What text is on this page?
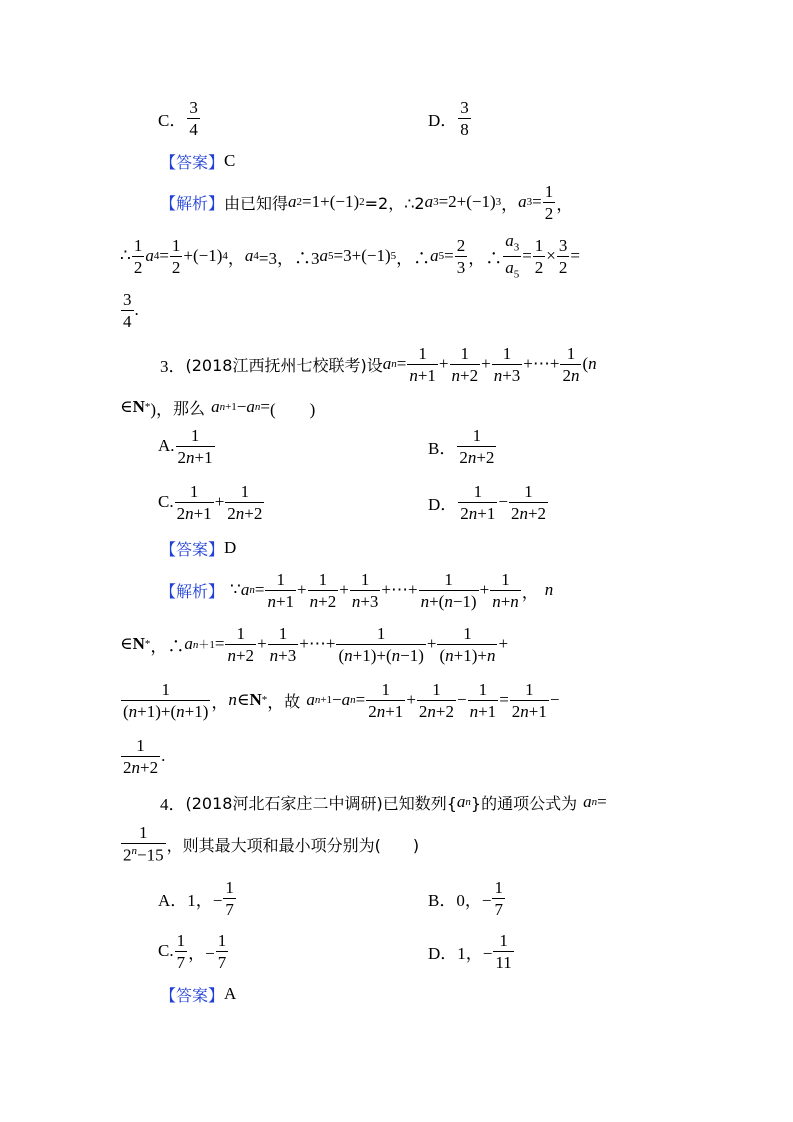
C． $\frac{3}{4}$	D． $\frac{3}{8}$
【答案】 C
【解析】 由已知得 a 2 =1+(−1) 2 =2，∴2 a 3 =2+(−1) 3 ， a $3 = \frac{1}{2}$ ，
∴ $\frac{1}{2}$ a $4 = \frac{1}{2} +(-1)$ 4 ， a 4 =3，∴3 a 5 =3+(−1) 5 ，∴ a $5 = \frac{2}{3}$ ，∴ $\frac{a_3}{a_5} = \frac{1}{2} \times \frac{3}{2}$ =
$\frac{3}{4}$ .
3． (2018江西抚州七校联考)设 a $n = \frac{1}{n+1} + \frac{1}{n+2} + \frac{1}{n+3}$ +⋯+ $\frac{1}{2n}$ ( n
∈ N * )， 那么 a n+1 − a n = (　　)
A. $\frac{1}{2n+1}$	B． $\frac{1}{2n+2}$
C. $\frac{1}{2n+1} + \frac{1}{2n+2}$	D． $\frac{1}{2n+1} - \frac{1}{2n+2}$
【答案】 D
【解析】 ∵ a $n = \frac{1}{n+1} + \frac{1}{n+2} + \frac{1}{n+3}$ +⋯+ $\frac{1}{n+(n-1)} + \frac{1}{n+n}$ ， n
∈ N * ，∴ a $n+1 = \frac{1}{n+2} + \frac{1}{n+3}$ +⋯+ $\frac{1}{(n+1)+(n-1)} + \frac{1}{(n+1)+n}$ +
$\frac{1}{(n+1)+(n+1)}$ ， n ∈ N * ， 故 a n+1 − a $n = \frac{1}{2n+1} + \frac{1}{2n+2} - \frac{1}{n+1} = \frac{1}{2n+1}$ −
$\frac{1}{2n+2}$ .
4． (2018河北石家庄二中调研)已知数列{ a n }的通项公式为 a n =
$\frac{1}{2^n-15}$ ，则其最大项和最小项分别为(　　)
A．1，− $\frac{1}{7}$	B．0，− $\frac{1}{7}$
C. $\frac{1}{7}$ ，− $\frac{1}{7}$	D．1，− $\frac{1}{11}$
【答案】 A
